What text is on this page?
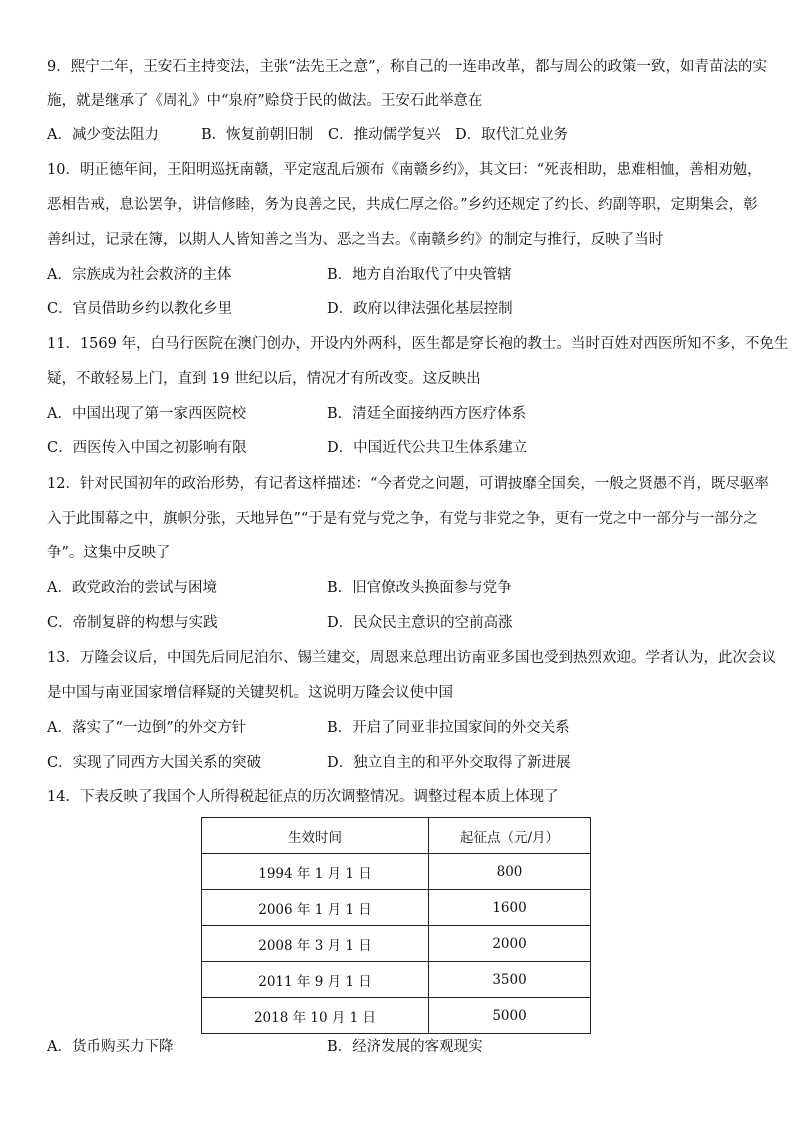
9．熙宁二年，王安石主持变法，主张“法先王之意”，称自己的一连串改革，都与周公的政策一致，如青苗法的实
施，就是继承了《周礼》中“泉府”赊贷于民的做法。王安石此举意在
A．减少变法阻力	B．恢复前朝旧制 C．推动儒学复兴 D．取代汇兑业务
10．明正德年间，王阳明巡抚南赣，平定寇乱后颁布《南赣乡约》，其文曰：“死丧相助，患难相恤，善相劝勉，
恶相告戒，息讼罢争，讲信修睦，务为良善之民，共成仁厚之俗。”乡约还规定了约长、约副等职，定期集会，彰
善纠过，记录在簿，以期人人皆知善之当为、恶之当去。《南赣乡约》的制定与推行，反映了当时
A．宗族成为社会救济的主体	B．地方自治取代了中央管辖
C．官员借助乡约以教化乡里	D．政府以律法强化基层控制
11．1569 年，白马行医院在澳门创办，开设内外两科，医生都是穿长袍的教士。当时百姓对西医所知不多，不免生
疑，不敢轻易上门，直到 19 世纪以后，情况才有所改变。这反映出
A．中国出现了第一家西医院校	B．清廷全面接纳西方医疗体系
C．西医传入中国之初影响有限	D．中国近代公共卫生体系建立
12．针对民国初年的政治形势，有记者这样描述：“今者党之问题，可谓披靡全国矣，一般之贤愚不肖，既尽驱率
入于此围幕之中，旗帜分张，天地异色”“于是有党与党之争，有党与非党之争，更有一党之中一部分与一部分之
争”。这集中反映了
A．政党政治的尝试与困境	B．旧官僚改头换面参与党争
C．帝制复辟的构想与实践	D．民众民主意识的空前高涨
13．万隆会议后，中国先后同尼泊尔、锡兰建交，周恩来总理出访南亚多国也受到热烈欢迎。学者认为，此次会议
是中国与南亚国家增信释疑的关键契机。这说明万隆会议使中国
A．落实了“一边倒”的外交方针	B．开启了同亚非拉国家间的外交关系
C．实现了同西方大国关系的突破	D．独立自主的和平外交取得了新进展
14．下表反映了我国个人所得税起征点的历次调整情况。调整过程本质上体现了
生效时间	起征点（元/月）
1994 年 1 月 1 日	800
2006 年 1 月 1 日	1600
2008 年 3 月 1 日	2000
2011 年 9 月 1 日	3500
2018 年 10 月 1 日	5000
A．货币购买力下降	B．经济发展的客观现实
